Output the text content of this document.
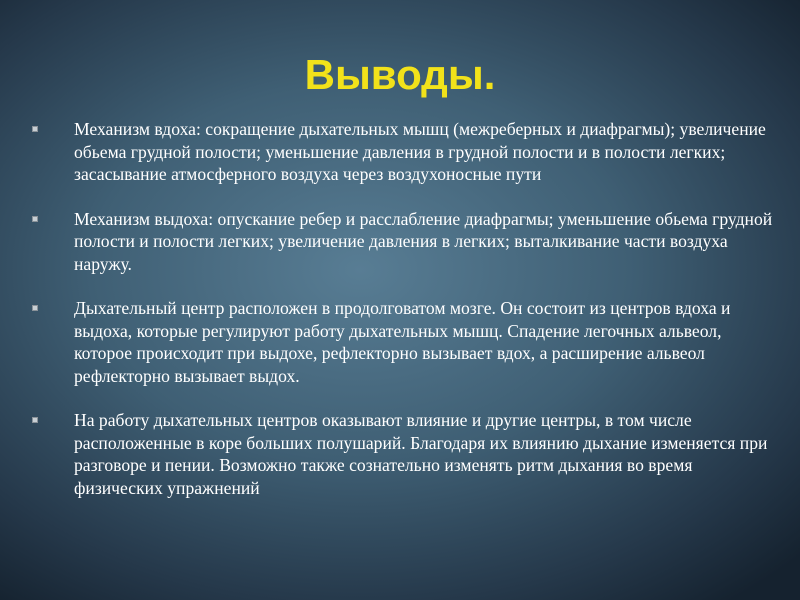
Выводы.
Механизм вдоха: сокращение дыхательных мышц (межреберных и диафрагмы); увеличение обьема грудной полости; уменьшение давления в грудной полости и в полости легких; засасывание атмосферного воздуха через воздухоносные пути
Механизм выдоха: опускание ребер и расслабление диафрагмы; уменьшение обьема грудной полости и полости легких; увеличение давления в легких; выталкивание части воздуха наружу.
Дыхательный центр расположен в продолговатом мозге. Он состоит из центров вдоха и выдоха, которые регулируют работу дыхательных мышц. Спадение легочных альвеол, которое происходит при выдохе, рефлекторно вызывает вдох, а расширение альвеол рефлекторно вызывает выдох.
На работу дыхательных центров оказывают влияние и другие центры, в том числе расположенные в коре больших полушарий. Благодаря их влиянию дыхание изменяется при разговоре и пении. Возможно также сознательно изменять ритм дыхания во время физических упражнений
